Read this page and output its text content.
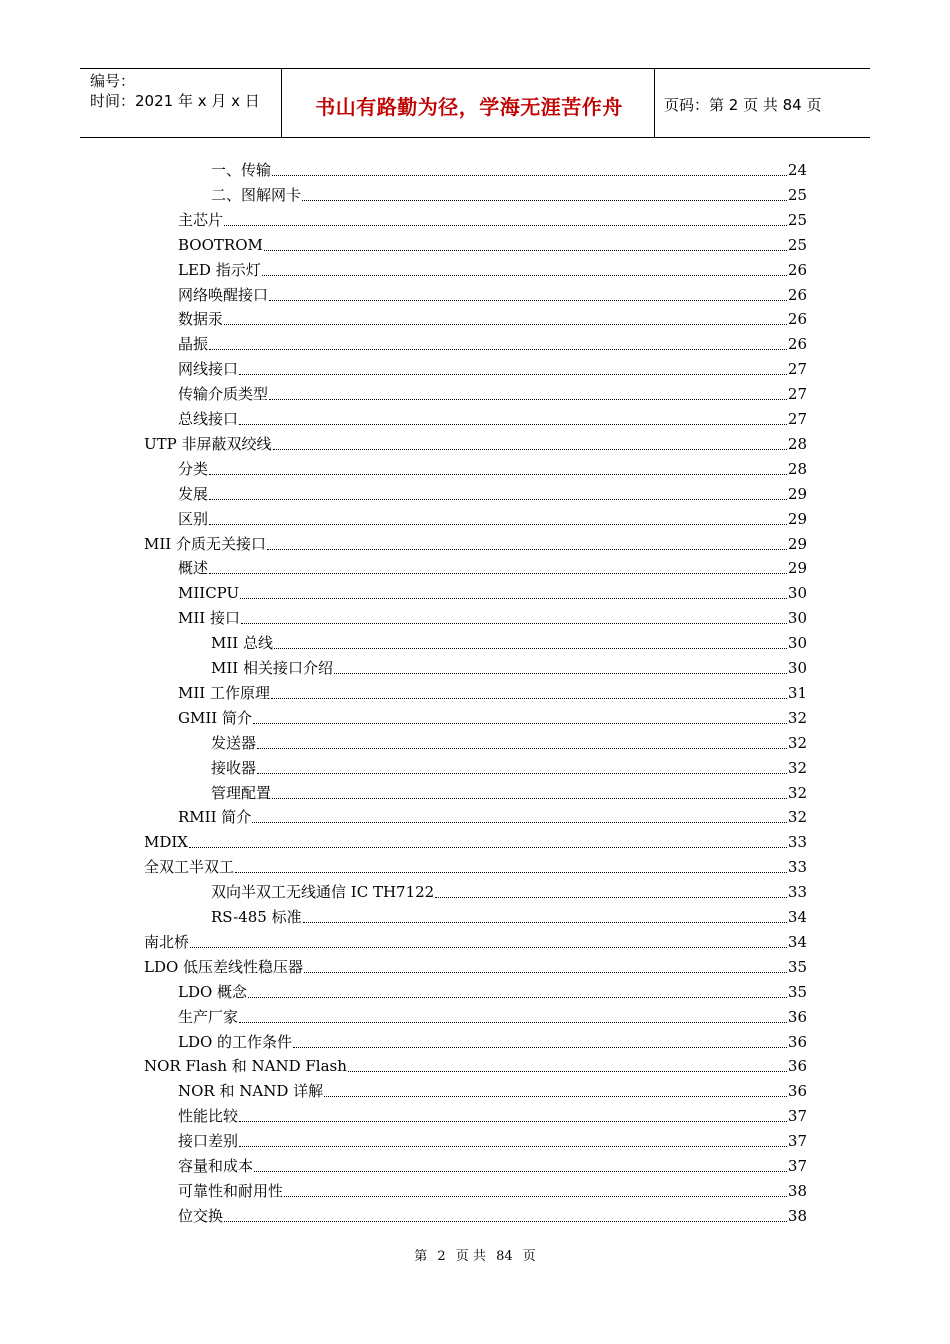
编号：
时间：2021 年 x 月 x 日	书山有路勤为径，学海无涯苦作舟	页码：第 2 页 共 84 页
一、传输	24
二、图解网卡	25
主芯片	25
BOOTROM	25
LED 指示灯	26
网络唤醒接口	26
数据汞	26
晶振	26
网线接口	27
传输介质类型	27
总线接口	27
UTP 非屏蔽双绞线	28
分类	28
发展	29
区别	29
MII 介质无关接口	29
概述	29
MIICPU	30
MII 接口	30
MII 总线	30
MII 相关接口介绍	30
MII 工作原理	31
GMII 简介	32
发送器	32
接收器	32
管理配置	32
RMII 简介	32
MDIX	33
全双工半双工	33
双向半双工无线通信 IC TH7122	33
RS-485 标准	34
南北桥	34
LDO 低压差线性稳压器	35
LDO 概念	35
生产厂家	36
LDO 的工作条件	36
NOR Flash 和 NAND Flash	36
NOR 和 NAND 详解	36
性能比较	37
接口差别	37
容量和成本	37
可靠性和耐用性	38
位交换	38
第 2 页 共 84 页
